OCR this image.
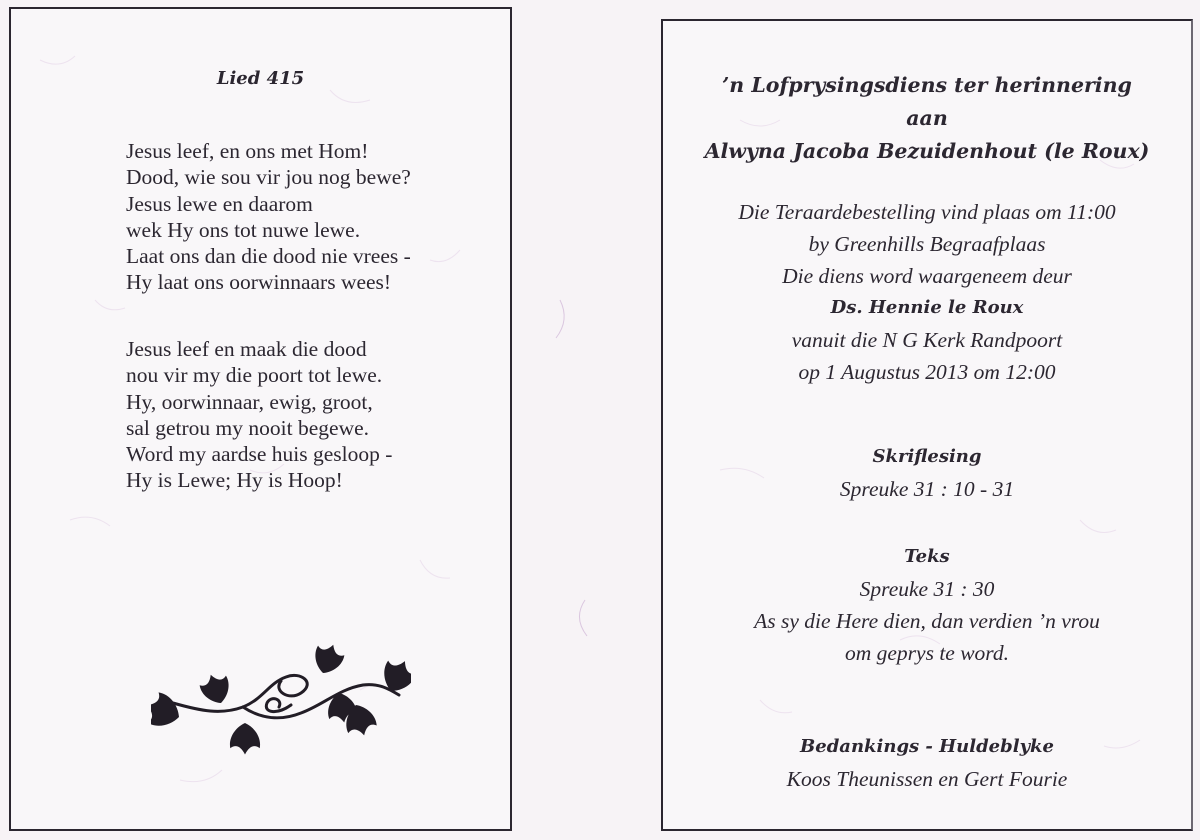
Lied 415
Jesus leef, en ons met Hom!
Dood, wie sou vir jou nog bewe?
Jesus lewe en daarom
wek Hy ons tot nuwe lewe.
Laat ons dan die dood nie vrees -
Hy laat ons oorwinnaars wees!
Jesus leef en maak die dood
nou vir my die poort tot lewe.
Hy, oorwinnaar, ewig, groot,
sal getrou my nooit begewe.
Word my aardse huis gesloop -
Hy is Lewe; Hy is Hoop!
’n Lofprysingsdiens ter herinnering
aan
Alwyna Jacoba Bezuidenhout (le Roux)
Die Teraardebestelling vind plaas om 11:00
by Greenhills Begraafplaas
Die diens word waargeneem deur
Ds. Hennie le Roux
vanuit die N G Kerk Randpoort
op 1 Augustus 2013 om 12:00
Skriflesing
Spreuke 31 : 10 - 31
Teks
Spreuke 31 : 30
As sy die Here dien, dan verdien ’n vrou
om geprys te word.
Bedankings - Huldeblyke
Koos Theunissen en Gert Fourie
